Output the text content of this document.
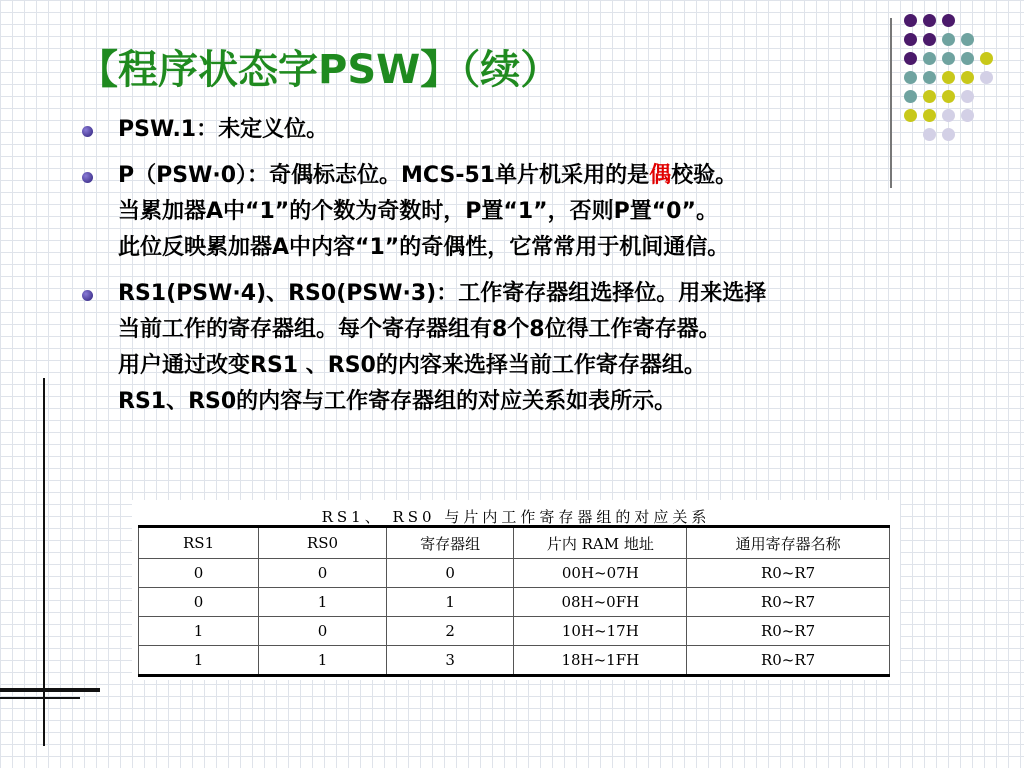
【程序状态字PSW】（续）
PSW.1：未定义位。
P（PSW·0）：奇偶标志位。MCS-51单片机采用的是偶校验。
当累加器A中“1”的个数为奇数时，P置“1”，否则P置“0”。
此位反映累加器A中内容“1”的奇偶性，它常常用于机间通信。
RS1(PSW·4)、RS0(PSW·3)：工作寄存器组选择位。用来选择
当前工作的寄存器组。每个寄存器组有8个8位得工作寄存器。
用户通过改变RS1 、RS0的内容来选择当前工作寄存器组。
RS1、RS0的内容与工作寄存器组的对应关系如表所示。
RS1、 RS0 与片内工作寄存器组的对应关系
RS1	RS0	寄存器组	片内 RAM 地址	通用寄存器名称
0	0	0	00H~07H	R0~R7
0	1	1	08H~0FH	R0~R7
1	0	2	10H~17H	R0~R7
1	1	3	18H~1FH	R0~R7
